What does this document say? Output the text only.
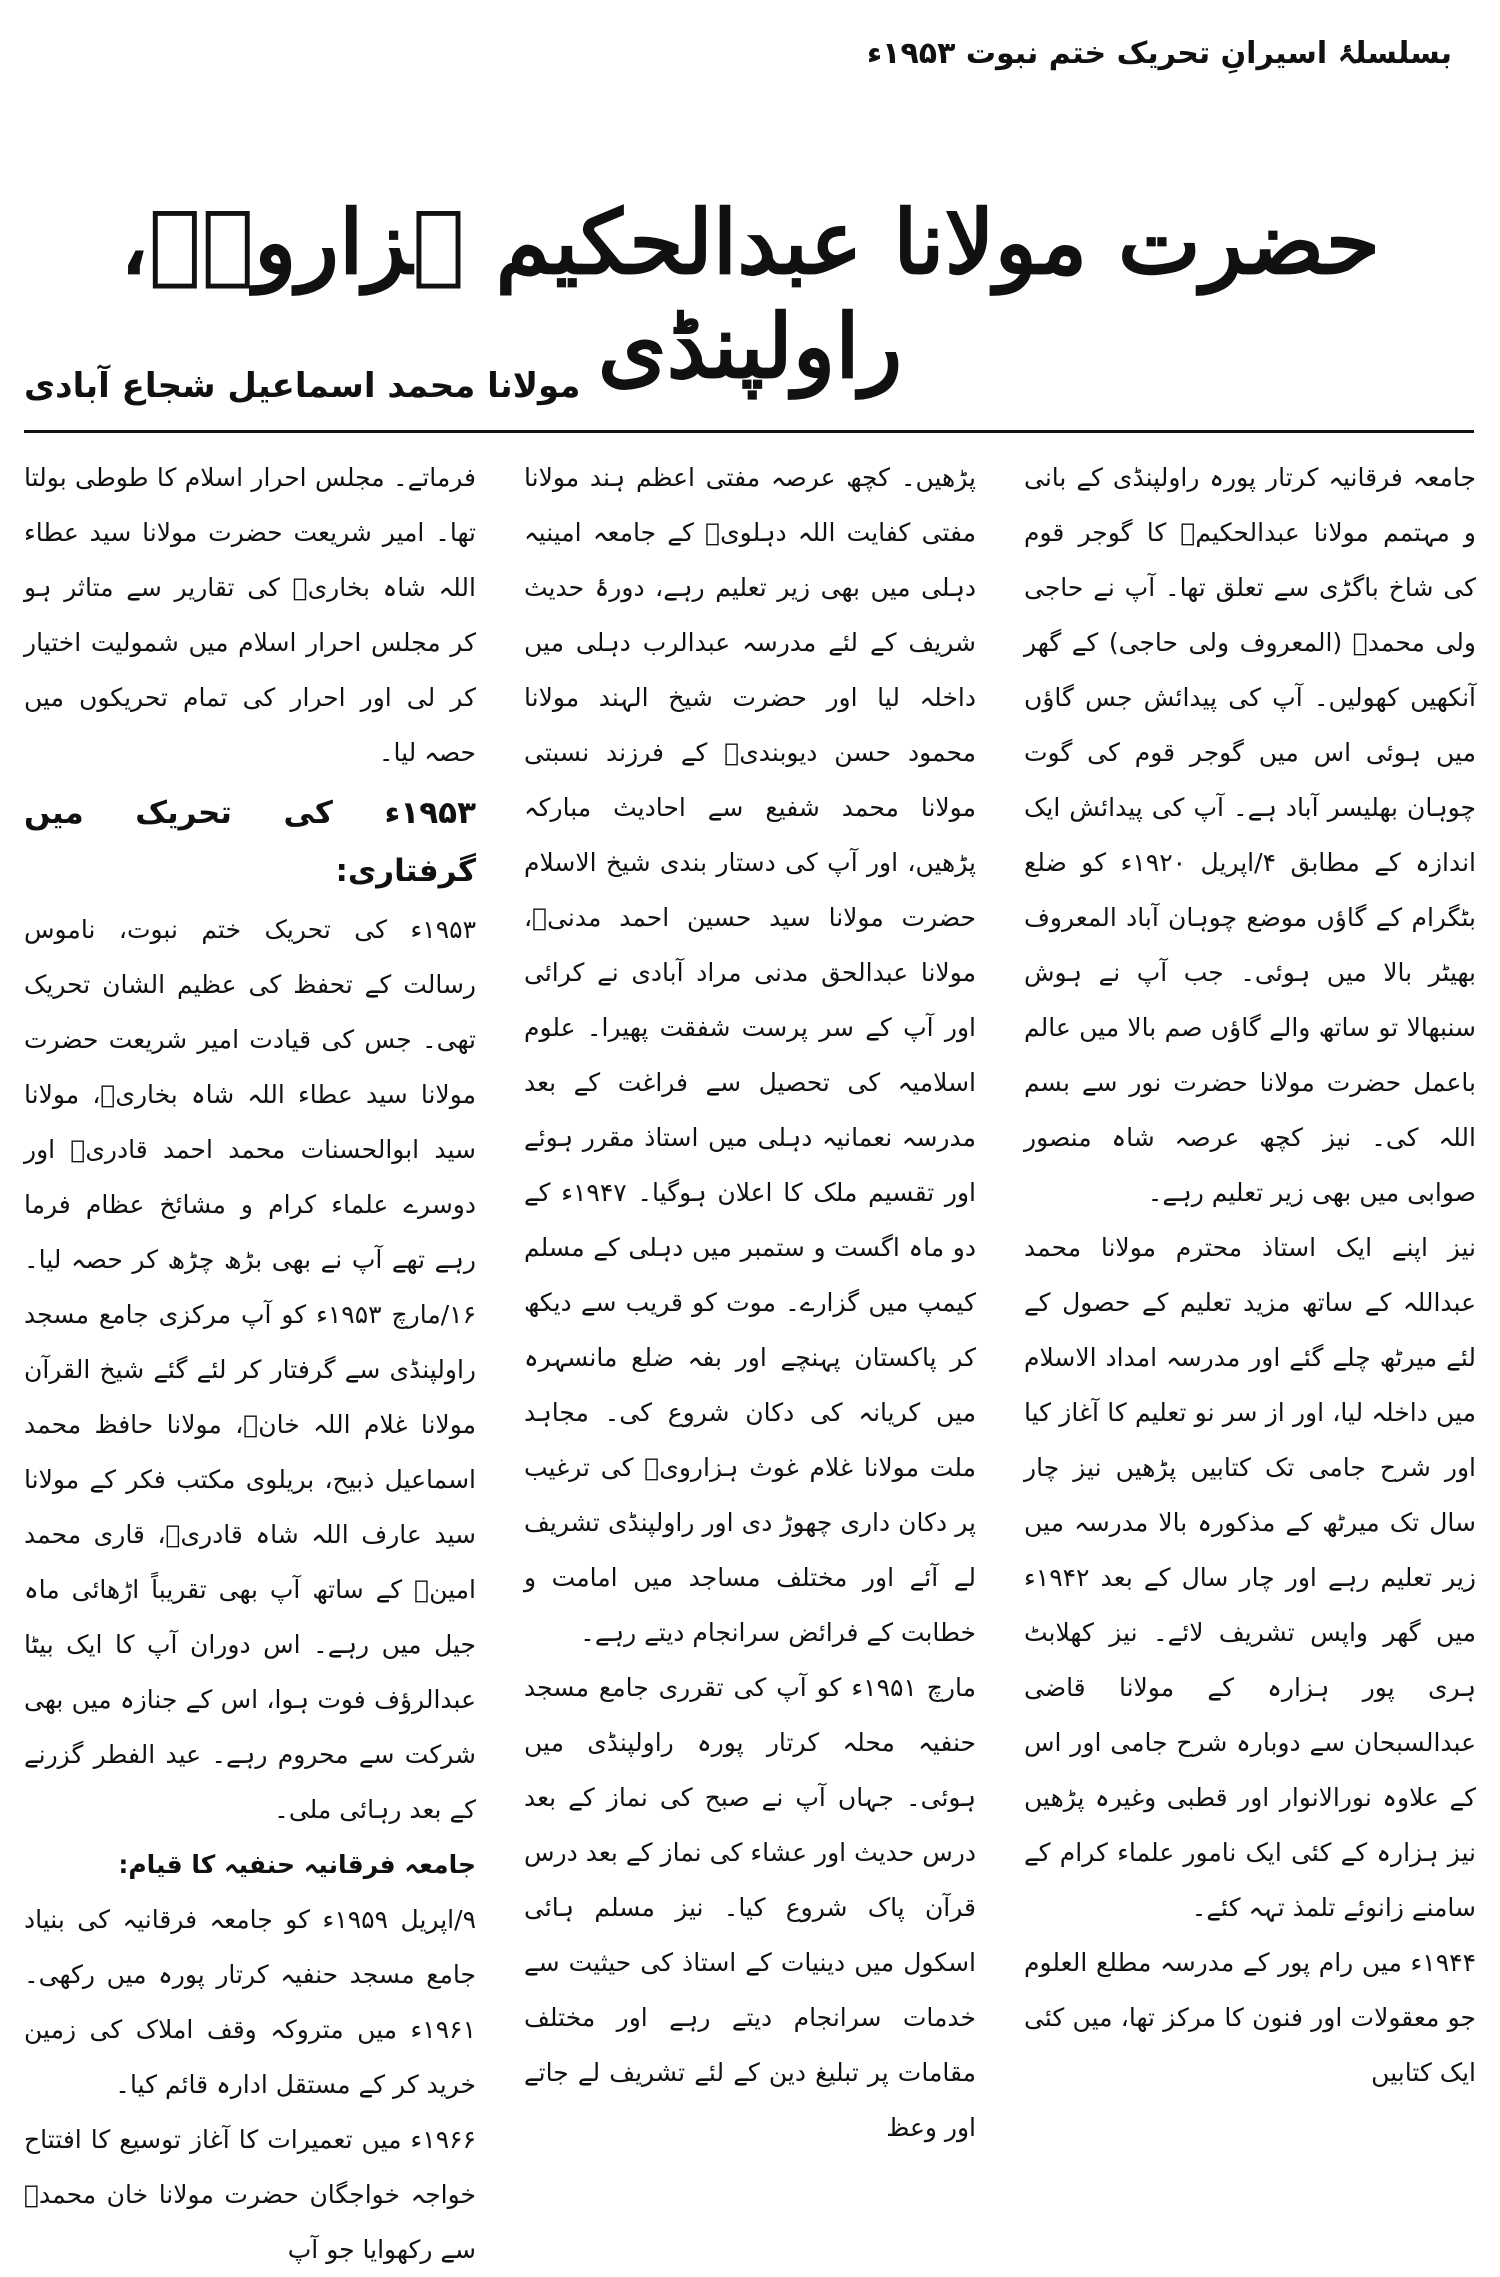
بسلسلۂ اسیرانِ تحریک ختم نبوت ۱۹۵۳ء
حضرت مولانا عبدالحکیم ہزارویؒ، راولپنڈی
مولانا محمد اسماعیل شجاع آبادی

جامعہ فرقانیہ کرتار پورہ راولپنڈی کے بانی و مہتمم مولانا عبدالحکیمؒ کا گوجر قوم کی شاخ باگڑی سے تعلق تھا۔ آپ نے حاجی ولی محمدؒ (المعروف ولی حاجی) کے گھر آنکھیں کھولیں۔ آپ کی پیدائش جس گاؤں میں ہوئی اس میں گوجر قوم کی گوت چوہان بھلیسر آباد ہے۔ آپ کی پیدائش ایک اندازہ کے مطابق ۴/اپریل ۱۹۲۰ء کو ضلع بٹگرام کے گاؤں موضع چوہان آباد المعروف بھیٹر بالا میں ہوئی۔ جب آپ نے ہوش سنبھالا تو ساتھ والے گاؤں صم بالا میں عالم باعمل حضرت مولانا حضرت نور سے بسم اللہ کی۔ نیز کچھ عرصہ شاہ منصور صوابی میں بھی زیر تعلیم رہے۔

نیز اپنے ایک استاذ محترم مولانا محمد عبداللہ کے ساتھ مزید تعلیم کے حصول کے لئے میرٹھ چلے گئے اور مدرسہ امداد الاسلام میں داخلہ لیا، اور از سر نو تعلیم کا آغاز کیا اور شرح جامی تک کتابیں پڑھیں نیز چار سال تک میرٹھ کے مذکورہ بالا مدرسہ میں زیر تعلیم رہے اور چار سال کے بعد ۱۹۴۲ء میں گھر واپس تشریف لائے۔ نیز کھلابٹ ہری پور ہزارہ کے مولانا قاضی عبدالسبحان سے دوبارہ شرح جامی اور اس کے علاوہ نورالانوار اور قطبی وغیرہ پڑھیں نیز ہزارہ کے کئی ایک نامور علماء کرام کے سامنے زانوئے تلمذ تہہ کئے۔

۱۹۴۴ء میں رام پور کے مدرسہ مطلع العلوم جو معقولات اور فنون کا مرکز تھا، میں کئی ایک کتابیں

پڑھیں۔ کچھ عرصہ مفتی اعظم ہند مولانا مفتی کفایت اللہ دہلویؒ کے جامعہ امینیہ دہلی میں بھی زیر تعلیم رہے، دورۂ حدیث شریف کے لئے مدرسہ عبدالرب دہلی میں داخلہ لیا اور حضرت شیخ الہند مولانا محمود حسن دیوبندیؒ کے فرزند نسبتی مولانا محمد شفیع سے احادیث مبارکہ پڑھیں، اور آپ کی دستار بندی شیخ الاسلام حضرت مولانا سید حسین احمد مدنیؒ، مولانا عبدالحق مدنی مراد آبادی نے کرائی اور آپ کے سر پرست شفقت پھیرا۔ علوم اسلامیہ کی تحصیل سے فراغت کے بعد مدرسہ نعمانیہ دہلی میں استاذ مقرر ہوئے اور تقسیم ملک کا اعلان ہوگیا۔ ۱۹۴۷ء کے دو ماہ اگست و ستمبر میں دہلی کے مسلم کیمپ میں گزارے۔ موت کو قریب سے دیکھ کر پاکستان پہنچے اور بفہ ضلع مانسہرہ میں کریانہ کی دکان شروع کی۔ مجاہد ملت مولانا غلام غوث ہزارویؒ کی ترغیب پر دکان داری چھوڑ دی اور راولپنڈی تشریف لے آئے اور مختلف مساجد میں امامت و خطابت کے فرائض سرانجام دیتے رہے۔

مارچ ۱۹۵۱ء کو آپ کی تقرری جامع مسجد حنفیہ محلہ کرتار پورہ راولپنڈی میں ہوئی۔ جہاں آپ نے صبح کی نماز کے بعد درس حدیث اور عشاء کی نماز کے بعد درس قرآن پاک شروع کیا۔ نیز مسلم ہائی اسکول میں دینیات کے استاذ کی حیثیت سے خدمات سرانجام دیتے رہے اور مختلف مقامات پر تبلیغ دین کے لئے تشریف لے جاتے اور وعظ

فرماتے۔ مجلس احرار اسلام کا طوطی بولتا تھا۔ امیر شریعت حضرت مولانا سید عطاء اللہ شاہ بخاریؒ کی تقاریر سے متاثر ہو کر مجلس احرار اسلام میں شمولیت اختیار کر لی اور احرار کی تمام تحریکوں میں حصہ لیا۔

۱۹۵۳ء کی تحریک میں گرفتاری:

۱۹۵۳ء کی تحریک ختم نبوت، ناموس رسالت کے تحفظ کی عظیم الشان تحریک تھی۔ جس کی قیادت امیر شریعت حضرت مولانا سید عطاء اللہ شاہ بخاریؒ، مولانا سید ابوالحسنات محمد احمد قادریؒ اور دوسرے علماء کرام و مشائخ عظام فرما رہے تھے آپ نے بھی بڑھ چڑھ کر حصہ لیا۔ ۱۶/مارچ ۱۹۵۳ء کو آپ مرکزی جامع مسجد راولپنڈی سے گرفتار کر لئے گئے شیخ القرآن مولانا غلام اللہ خانؒ، مولانا حافظ محمد اسماعیل ذبیح، بریلوی مکتب فکر کے مولانا سید عارف اللہ شاہ قادریؒ، قاری محمد امینؒ کے ساتھ آپ بھی تقریباً اڑھائی ماہ جیل میں رہے۔ اس دوران آپ کا ایک بیٹا عبدالرؤف فوت ہوا، اس کے جنازہ میں بھی شرکت سے محروم رہے۔ عید الفطر گزرنے کے بعد رہائی ملی۔

جامعہ فرقانیہ حنفیہ کا قیام:

۹/اپریل ۱۹۵۹ء کو جامعہ فرقانیہ کی بنیاد جامع مسجد حنفیہ کرتار پورہ میں رکھی۔ ۱۹۶۱ء میں متروکہ وقف املاک کی زمین خرید کر کے مستقل ادارہ قائم کیا۔

۱۹۶۶ء میں تعمیرات کا آغاز توسیع کا افتتاح خواجہ خواجگان حضرت مولانا خان محمدؒ سے رکھوایا جو آپ
